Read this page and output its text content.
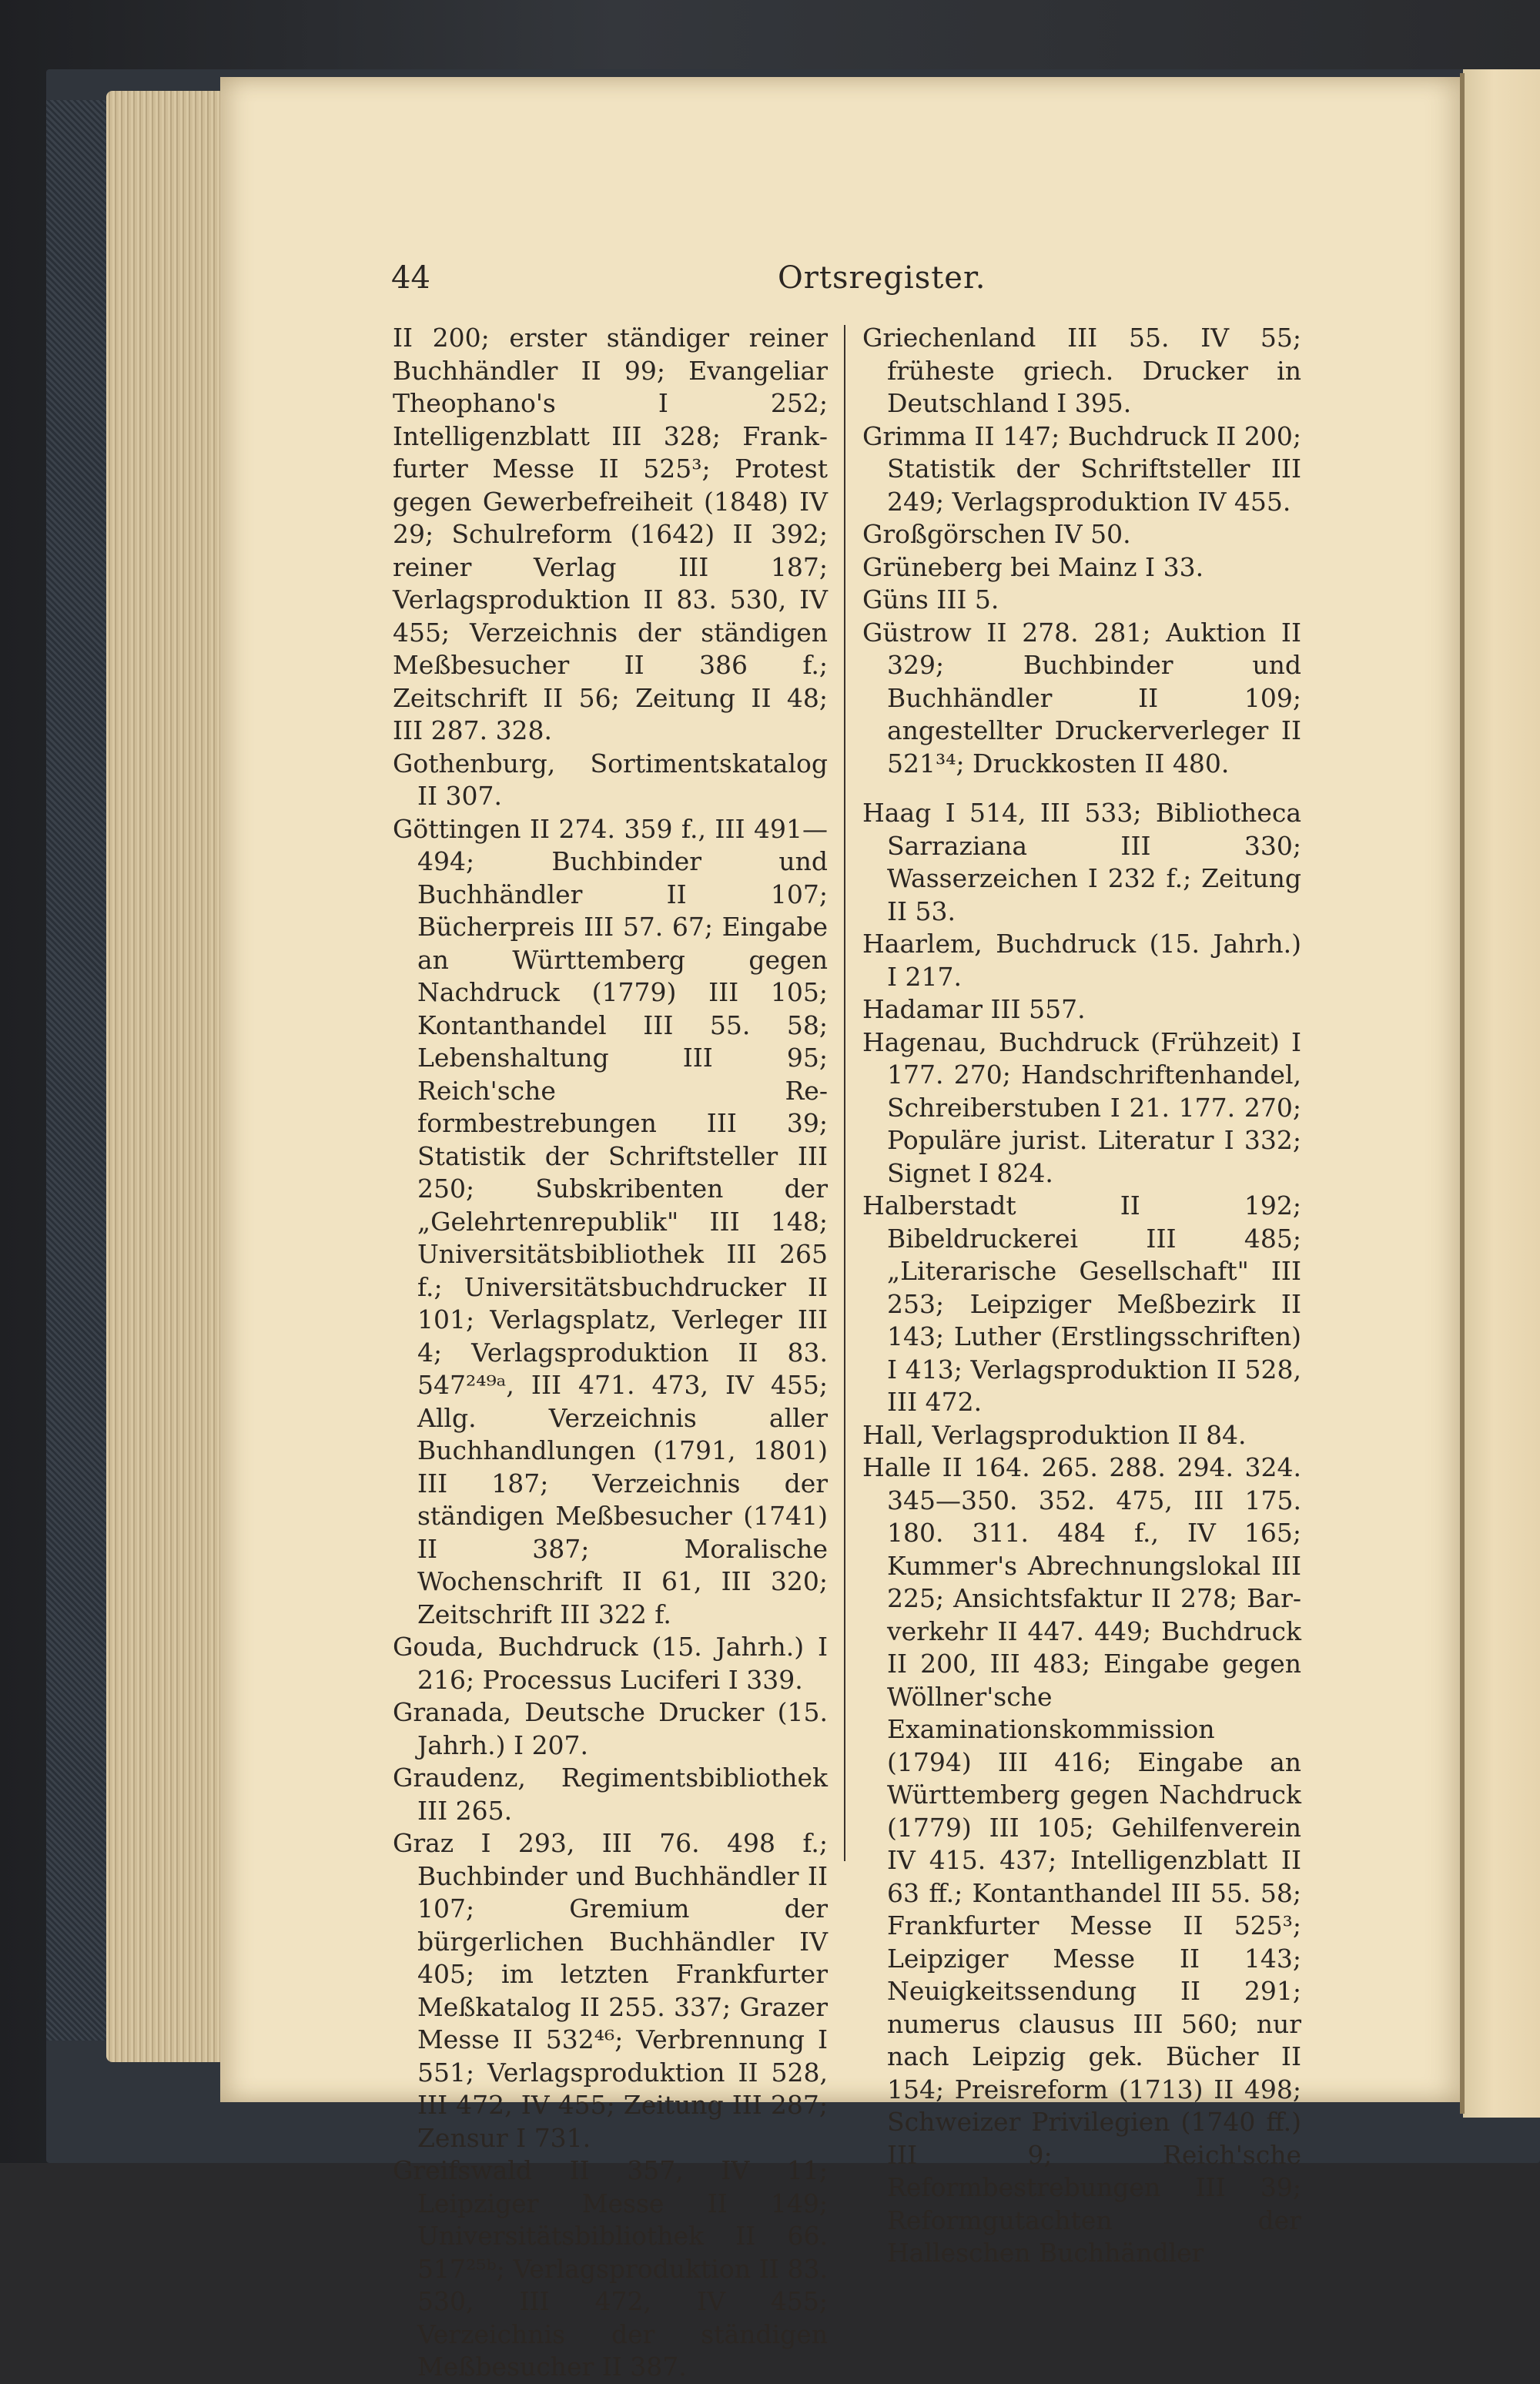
44	Ortsregister.

II 200; erster ständiger reiner Buchhändler II 99; Evangeliar Theophano's I 252; Intelligenzblatt III 328; Frankfurter Messe II 525³; Protest gegen Gewerbefreiheit (1848) IV 29; Schulreform (1642) II 392; reiner Verlag III 187; Verlagsproduktion II 83. 530, IV 455; Verzeichnis der ständigen Meßbesucher II 386 f.; Zeitschrift II 56; Zeitung II 48; III 287. 328.

Gothenburg, Sortimentskatalog II 307.

Göttingen II 274. 359 f., III 491—494; Buchbinder und Buchhändler II 107; Bücherpreis III 57. 67; Eingabe an Württemberg gegen Nachdruck (1779) III 105; Kontanthandel III 55. 58; Lebenshaltung III 95; Reich'sche Reformbestrebungen III 39; Statistik der Schriftsteller III 250; Subskribenten der „Gelehrtenrepublik" III 148; Universitätsbibliothek III 265 f.; Universitätsbuchdrucker II 101; Verlagsplatz, Verleger III 4; Verlagsproduktion II 83. 547²⁴⁹ᵃ, III 471. 473, IV 455; Allg. Verzeichnis aller Buchhandlungen (1791, 1801) III 187; Verzeichnis der ständigen Meßbesucher (1741) II 387; Moralische Wochenschrift II 61, III 320; Zeitschrift III 322 f.

Gouda, Buchdruck (15. Jahrh.) I 216; Processus Luciferi I 339.

Granada, Deutsche Drucker (15. Jahrh.) I 207.

Graudenz, Regimentsbibliothek III 265.

Graz I 293, III 76. 498 f.; Buchbinder und Buchhändler II 107; Gremium der bürgerlichen Buchhändler IV 405; im letzten Frankfurter Meßkatalog II 255. 337; Grazer Messe II 532⁴⁶; Verbrennung I 551; Verlagsproduktion II 528, III 472, IV 455; Zeitung III 287; Zensur I 731.

Greifswald II 357, IV 11; Leipziger Messe II 149; Universitätsbibliothek II 66. 517²⁵ᵇ; Verlagsproduktion II 83. 530, III 472, IV 455; Verzeichnis der ständigen Meßbesucher II 387.

Griechenland III 55. IV 55; früheste griech. Drucker in Deutschland I 395.

Grimma II 147; Buchdruck II 200; Statistik der Schriftsteller III 249; Verlagsproduktion IV 455.

Großgörschen IV 50.

Grüneberg bei Mainz I 33.

Güns III 5.

Güstrow II 278. 281; Auktion II 329; Buchbinder und Buchhändler II 109; angestellter Druckerverleger II 521³⁴; Druckkosten II 480.

Haag I 514, III 533; Bibliotheca Sarraziana III 330; Wasserzeichen I 232 f.; Zeitung II 53.

Haarlem, Buchdruck (15. Jahrh.) I 217.

Hadamar III 557.

Hagenau, Buchdruck (Frühzeit) I 177. 270; Handschriftenhandel, Schreiberstuben I 21. 177. 270; Populäre jurist. Literatur I 332; Signet I 824.

Halberstadt II 192; Bibeldruckerei III 485; „Literarische Gesellschaft" III 253; Leipziger Meßbezirk II 143; Luther (Erstlingsschriften) I 413; Verlagsproduktion II 528, III 472.

Hall, Verlagsproduktion II 84.

Halle II 164. 265. 288. 294. 324. 345—350. 352. 475, III 175. 180. 311. 484 f., IV 165; Kummer's Abrechnungslokal III 225; Ansichtsfaktur II 278; Barverkehr II 447. 449; Buchdruck II 200, III 483; Eingabe gegen Wöllner'sche Examinationskommission (1794) III 416; Eingabe an Württemberg gegen Nachdruck (1779) III 105; Gehilfenverein IV 415. 437; Intelligenzblatt II 63 ff.; Kontanthandel III 55. 58; Frankfurter Messe II 525³; Leipziger Messe II 143; Neuigkeitssendung II 291; numerus clausus III 560; nur nach Leipzig gek. Bücher II 154; Preisreform (1713) II 498; Schweizer Privilegien (1740 ff.) III 9; Reich'sche Reformbestrebungen III 39; Reformgutachten der Halleschen Buchhändler
